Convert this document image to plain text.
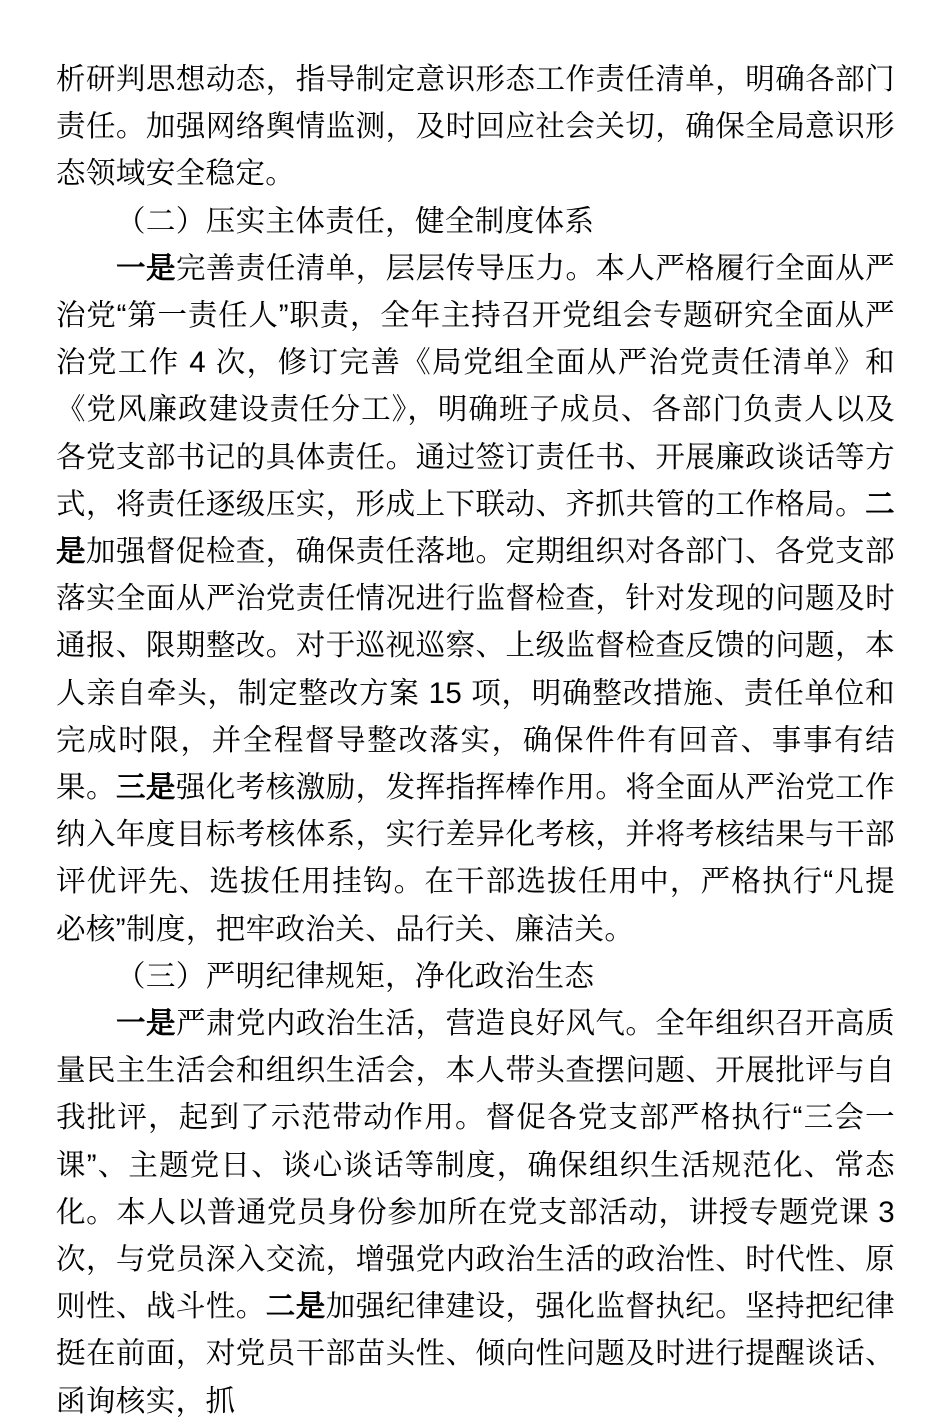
析研判思想动态，指导制定意识形态工作责任清单，明确各部门责任。加强网络舆情监测，及时回应社会关切，确保全局意识形态领域安全稳定。

（二）压实主体责任，健全制度体系

一是完善责任清单，层层传导压力。本人严格履行全面从严治党“第一责任人”职责，全年主持召开党组会专题研究全面从严治党工作 4 次，修订完善《局党组全面从严治党责任清单》和《党风廉政建设责任分工》，明确班子成员、各部门负责人以及各党支部书记的具体责任。通过签订责任书、开展廉政谈话等方式，将责任逐级压实，形成上下联动、齐抓共管的工作格局。二是加强督促检查，确保责任落地。定期组织对各部门、各党支部落实全面从严治党责任情况进行监督检查，针对发现的问题及时通报、限期整改。对于巡视巡察、上级监督检查反馈的问题，本人亲自牵头，制定整改方案 15 项，明确整改措施、责任单位和完成时限，并全程督导整改落实，确保件件有回音、事事有结果。三是强化考核激励，发挥指挥棒作用。将全面从严治党工作纳入年度目标考核体系，实行差异化考核，并将考核结果与干部评优评先、选拔任用挂钩。在干部选拔任用中，严格执行“凡提必核”制度，把牢政治关、品行关、廉洁关。

（三）严明纪律规矩，净化政治生态

一是严肃党内政治生活，营造良好风气。全年组织召开高质量民主生活会和组织生活会，本人带头查摆问题、开展批评与自我批评，起到了示范带动作用。督促各党支部严格执行“三会一课”、主题党日、谈心谈话等制度，确保组织生活规范化、常态化。本人以普通党员身份参加所在党支部活动，讲授专题党课 3 次，与党员深入交流，增强党内政治生活的政治性、时代性、原则性、战斗性。二是加强纪律建设，强化监督执纪。坚持把纪律挺在前面，对党员干部苗头性、倾向性问题及时进行提醒谈话、函询核实，抓
